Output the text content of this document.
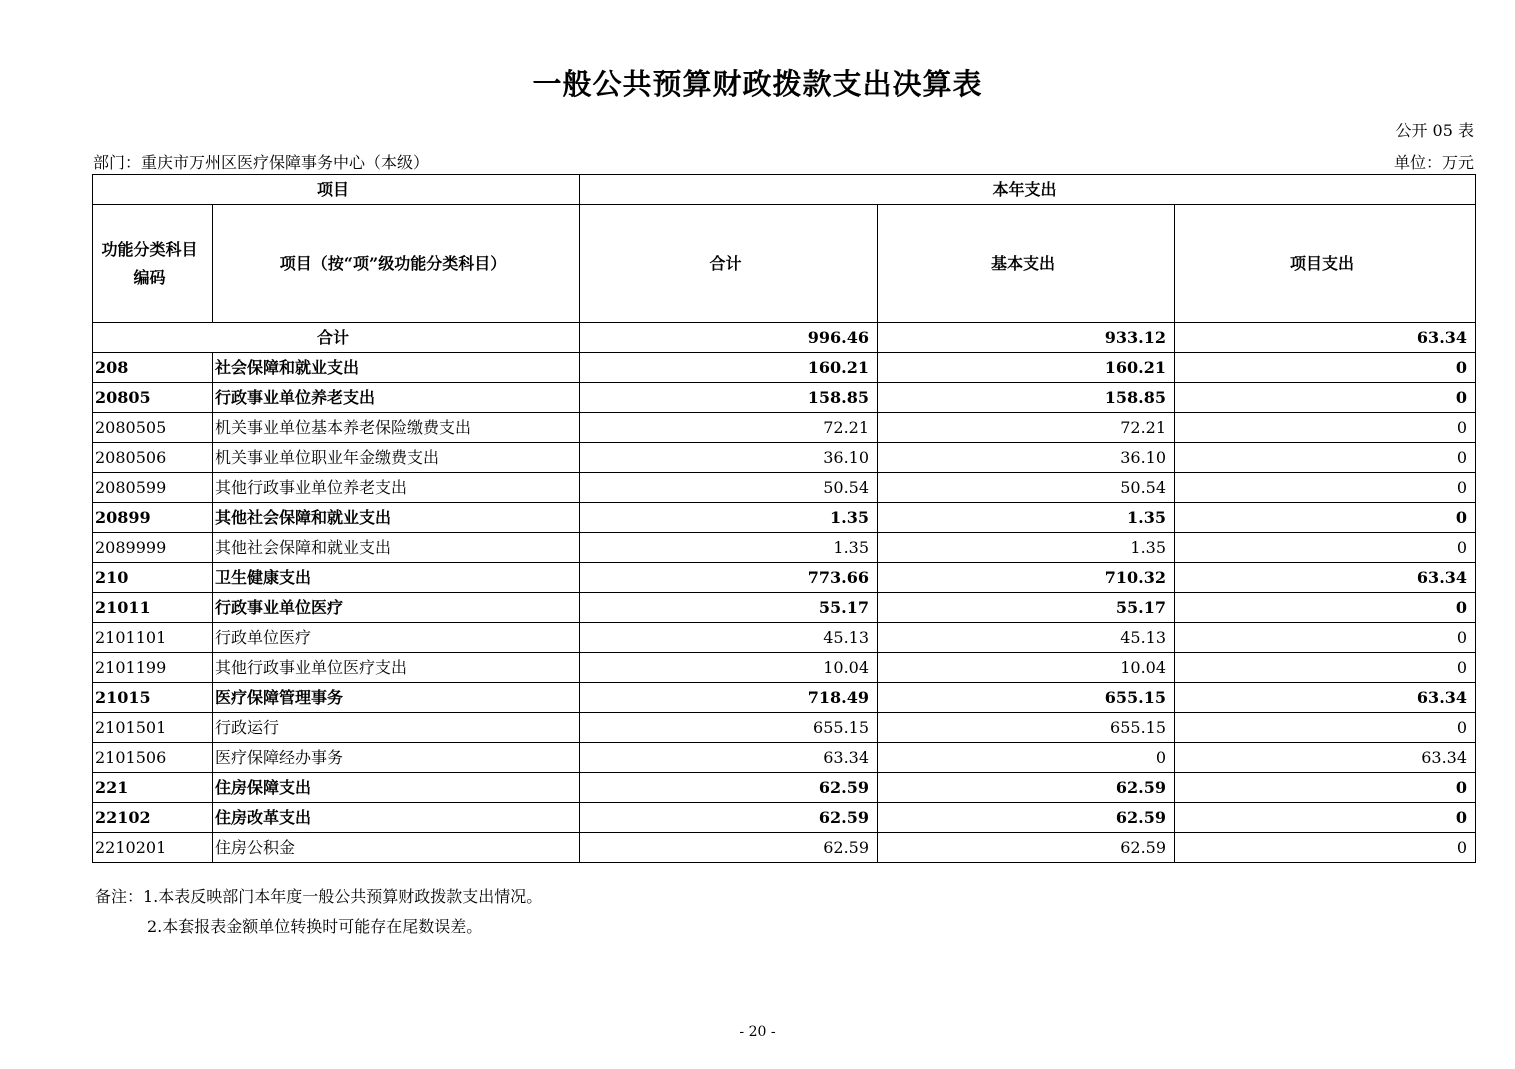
一般公共预算财政拨款支出决算表
公开 05 表
部门：重庆市万州区医疗保障事务中心（本级）	单位：万元
项目		本年支出		
功能分类科目编码	项目（按“项”级功能分类科目）	合计	基本支出	项目支出
合计		996.46	933.12	63.34
208	社会保障和就业支出	160.21	160.21	0
20805	行政事业单位养老支出	158.85	158.85	0
2080505	机关事业单位基本养老保险缴费支出	72.21	72.21	0
2080506	机关事业单位职业年金缴费支出	36.10	36.10	0
2080599	其他行政事业单位养老支出	50.54	50.54	0
20899	其他社会保障和就业支出	1.35	1.35	0
2089999	其他社会保障和就业支出	1.35	1.35	0
210	卫生健康支出	773.66	710.32	63.34
21011	行政事业单位医疗	55.17	55.17	0
2101101	行政单位医疗	45.13	45.13	0
2101199	其他行政事业单位医疗支出	10.04	10.04	0
21015	医疗保障管理事务	718.49	655.15	63.34
2101501	行政运行	655.15	655.15	0
2101506	医疗保障经办事务	63.34	0	63.34
221	住房保障支出	62.59	62.59	0
22102	住房改革支出	62.59	62.59	0
2210201	住房公积金	62.59	62.59	0
备注：1.本表反映部门本年度一般公共预算财政拨款支出情况。
2.本套报表金额单位转换时可能存在尾数误差。
- 20 -
